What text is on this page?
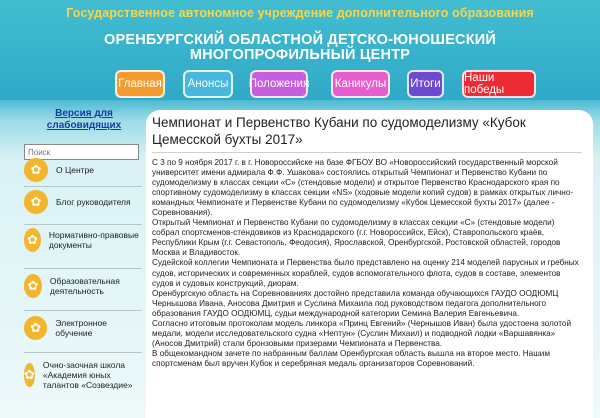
Государственное автономное учреждение дополнительного образования
ОРЕНБУРГСКИЙ ОБЛАСТНОЙ ДЕТСКО-ЮНОШЕСКИЙ
МНОГОПРОФИЛЬНЫЙ ЦЕНТР
Главная	Анонсы	Положения	Каникулы	Итоги Наши победы
Версия для слабовидящих
Поиск
✿	О Центре
✿	Блог руководителя
✿	Нормативно-правовые документы
✿	Образовательная деятельность
✿	Электронное обучение
✿
Очно-заочная школа «Академия юных талантов «Созвездие»
Чемпионат и Первенство Кубани по судомоделизму «Кубок Цемесской бухты 2017»
С 3 по 9 ноября 2017 г. в г. Новороссийске на базе ФГБОУ ВО «Новороссийский государственный морской университет имени адмирала Ф.Ф. Ушакова» состоялись открытый Чемпионат и Первенство Кубани по судомоделизму в классах секции «С» (стендовые модели) и открытое Первенство Краснодарского края по спортивному судомоделизму в классах секции «NS» (ходовые модели копий судов) в рамках открытых лично-командных Чемпионате и Первенстве Кубани по судомоделизму «Кубок Цемесской бухты 2017» (далее - Соревнования).
Открытый Чемпионат и Первенство Кубани по судомоделизму в классах секции «С» (стендовые модели) собрал спортсменов-стендовиков из Краснодарского (г.г. Новороссийск, Ейск), Ставропольского краёв, Республики Крым (г.г. Севастополь, Феодосия), Ярославской, Оренбургской, Ростовской областей, городов Москва и Владивосток.
Судейской коллегии Чемпионата и Первенства было представлено на оценку 214 моделей парусных и гребных судов, исторических и современных кораблей, судов вспомогательного флота, судов в составе, элементов судов и судовых конструкций, диорам.
Оренбургскую область на Соревнованиях достойно представила команда обучающихся ГАУДО ООДЮМЦ Чернышова Ивана, Аносова Дмитрия и Суслина Михаила под руководством педагога дополнительного образования ГАУДО ООДЮМЦ, судьи международной категории Семина Валерия Евгеньевича.
Согласно итоговым протоколам модель линкора «Принц Евгений» (Чернышов Иван) была удостоена золотой медали, модели исследовательского судна «Нептун» (Суслин Михаил) и подводной лодки «Варшавянка» (Аносов Дмитрий) стали бронзовыми призерами Чемпионата и Первенства.
В общекомандном зачете по набранным баллам Оренбургская область вышла на второе место. Нашим спортсменам был вручен Кубок и серебряная медаль организаторов Соревнований.
